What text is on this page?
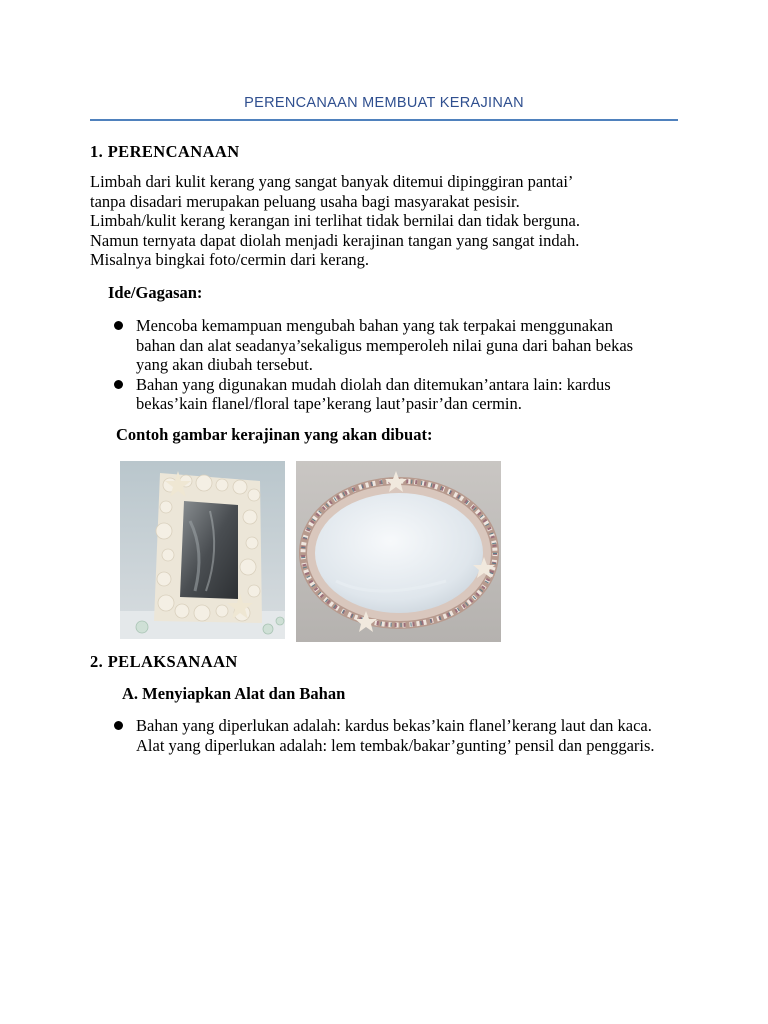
PERENCANAAN MEMBUAT KERAJINAN
1. PERENCANAAN

Limbah dari kulit kerang yang sangat banyak ditemui dipinggiran pantai’

tanpa disadari merupakan peluang usaha bagi masyarakat pesisir.

Limbah/kulit kerang kerangan ini terlihat tidak bernilai dan tidak berguna.

Namun ternyata dapat diolah menjadi kerajinan tangan yang sangat indah.

Misalnya bingkai foto/cermin dari kerang.

Ide/Gagasan:
Mencoba kemampuan mengubah bahan yang tak terpakai menggunakan bahan dan alat seadanya’sekaligus memperoleh nilai guna dari bahan bekas yang akan diubah tersebut.
Bahan yang digunakan mudah diolah dan ditemukan’antara lain: kardus bekas’kain flanel/floral tape’kerang laut’pasir’dan cermin.
Contoh gambar kerajinan yang akan dibuat:
2. PELAKSANAAN
A. Menyiapkan Alat dan Bahan
Bahan yang diperlukan adalah: kardus bekas’kain flanel’kerang laut dan kaca. Alat yang diperlukan adalah: lem tembak/bakar’gunting’ pensil dan penggaris.
